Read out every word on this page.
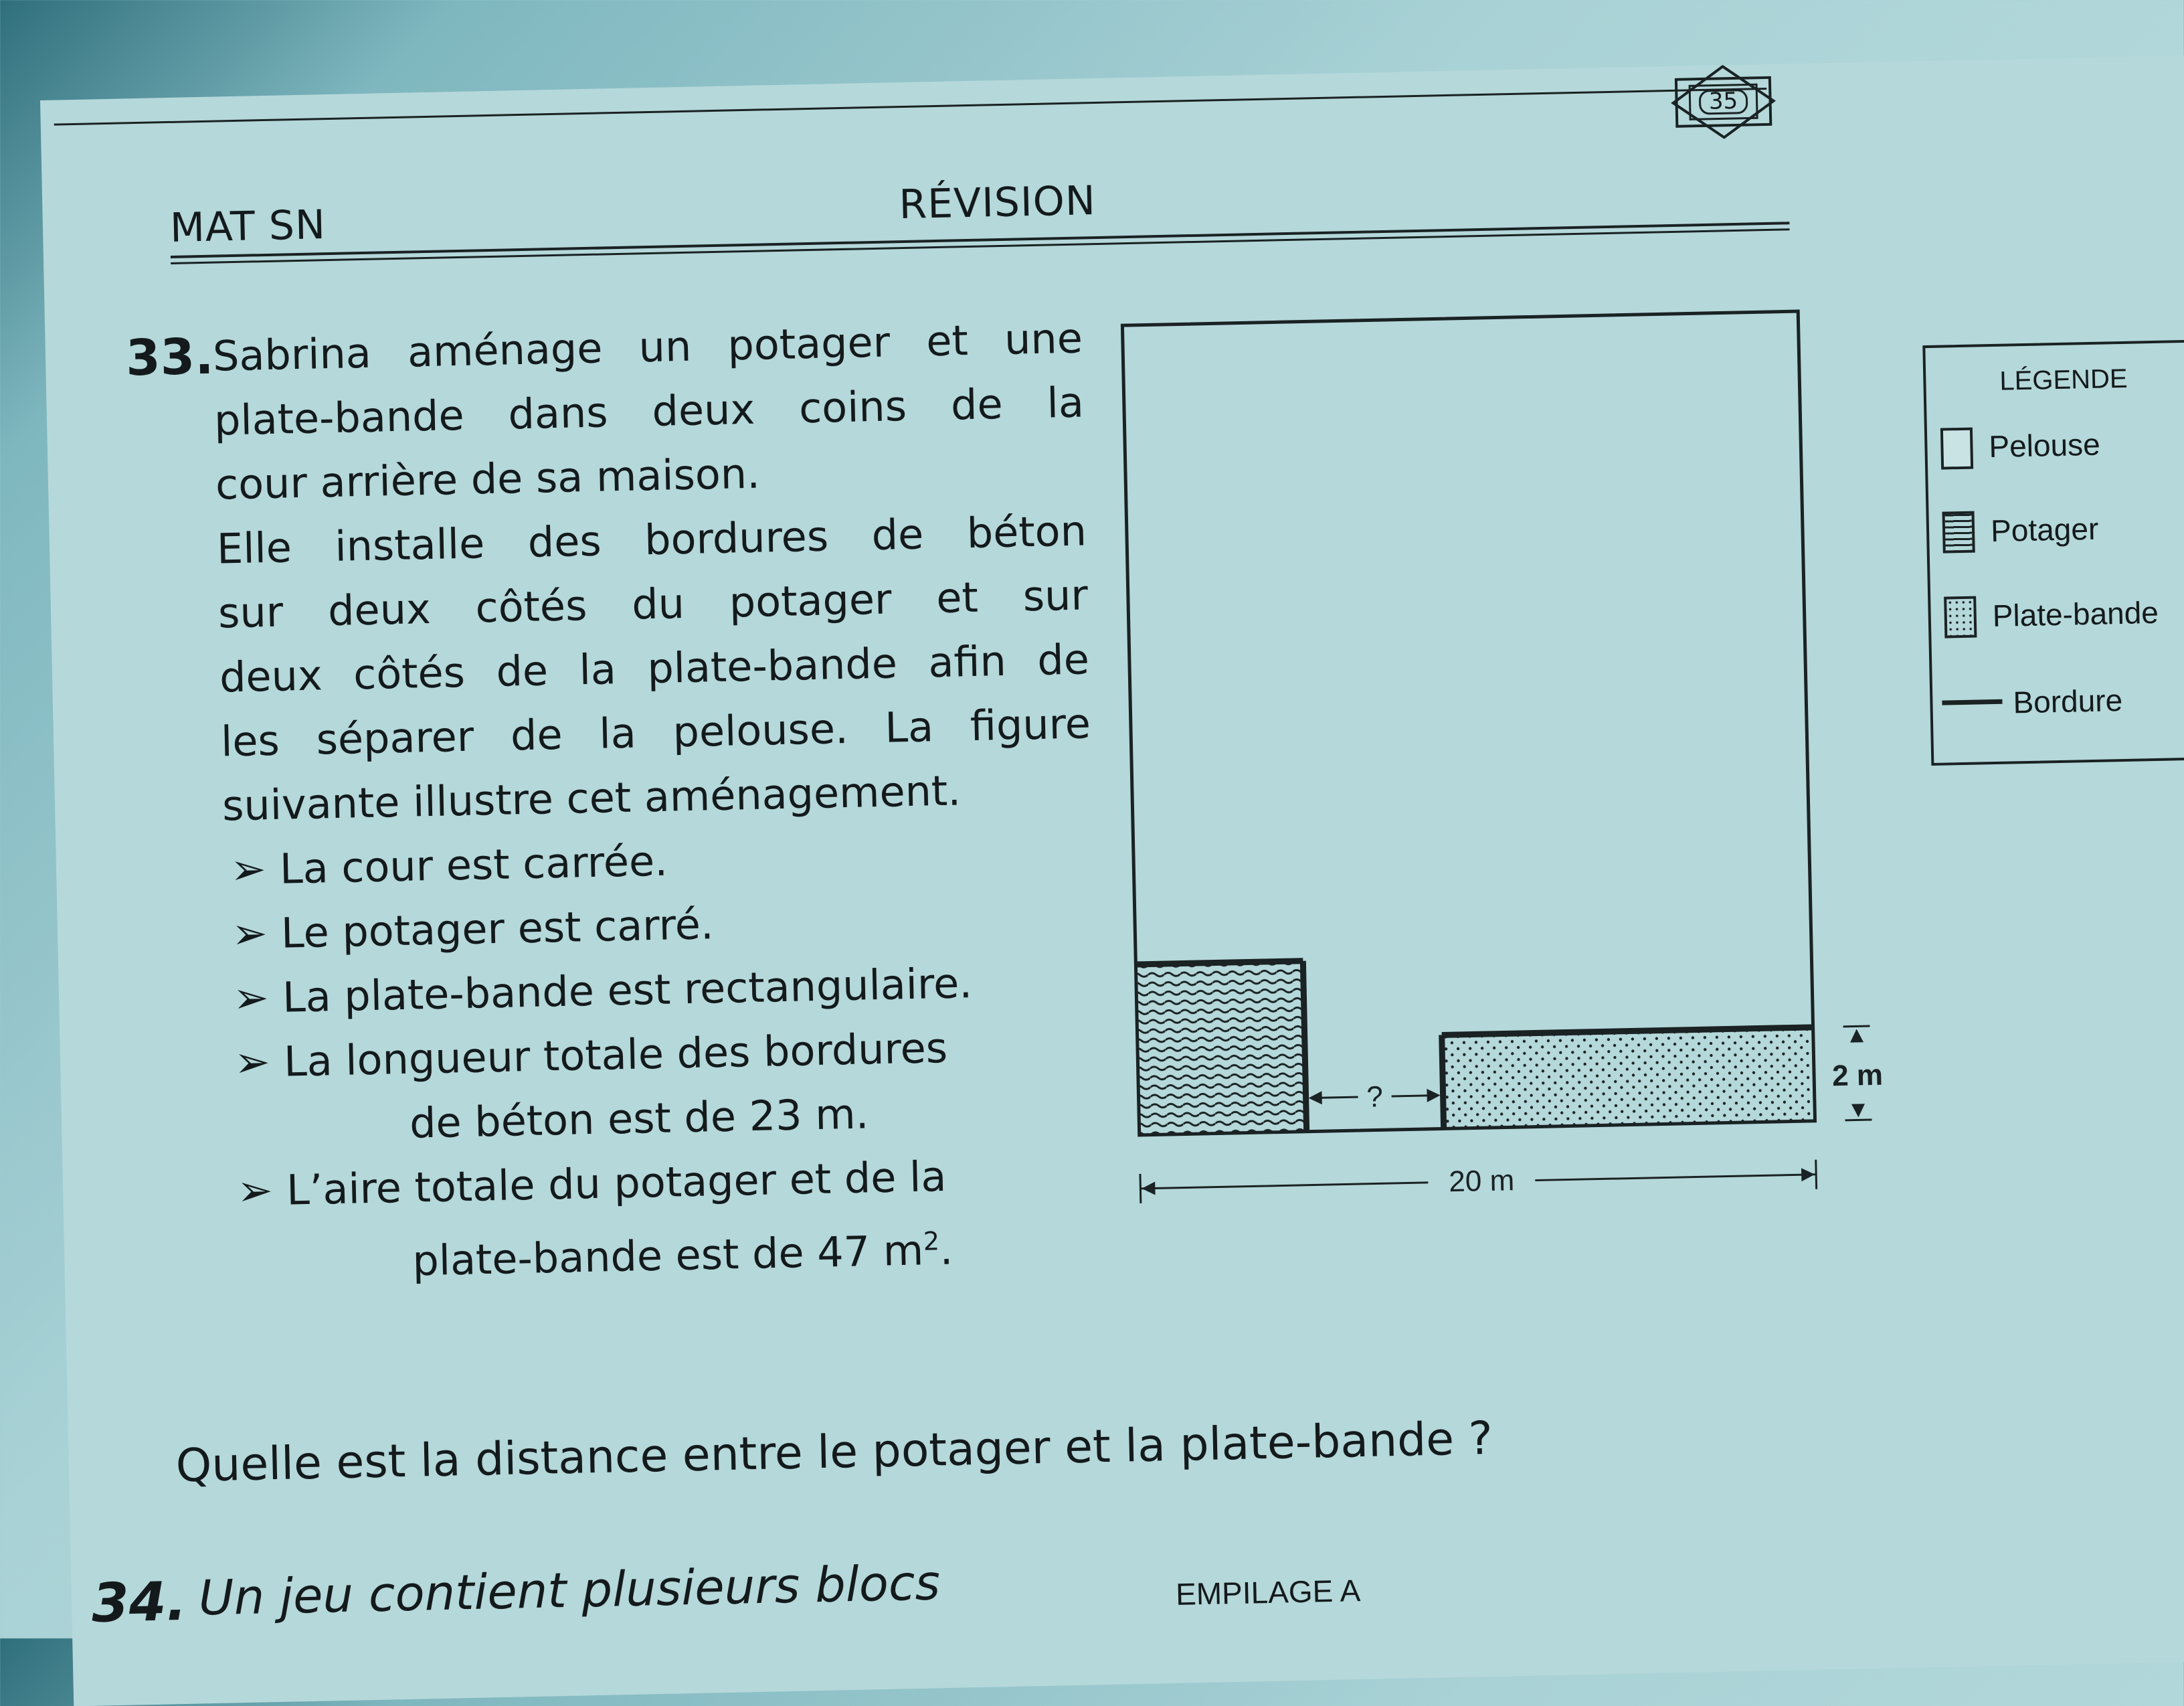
35
MAT SN	RÉVISION
33.
Sabrina aménage un potager et une
plate-bande dans deux coins de la
cour arrière de sa maison.
Elle installe des bordures de béton
sur deux côtés du potager et sur
deux côtés de la plate-bande afin de
les séparer de la pelouse. La figure
suivante illustre cet aménagement.
➢ La cour est carrée.
➢ Le potager est carré.
➢ La plate-bande est rectangulaire.
➢ La longueur totale des bordures
de béton est de 23 m.
➢ L’aire totale du potager et de la
plate-bande est de 47 $m^2$.
?
2 m
20 m
LÉGENDE
Pelouse
Potager
Plate-bande
Bordure
Quelle est la distance entre le potager et la plate-bande ?
34. Un jeu contient plusieurs blocs	EMPILAGE A
